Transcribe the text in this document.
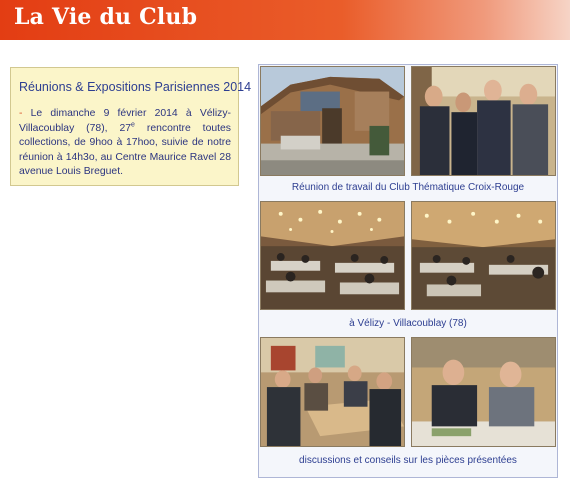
La Vie du Club

Réunions & Expositions Parisiennes 2014

- Le dimanche 9 février 2014 à Vélizy-Villacoublay (78), 27e rencontre toutes collections, de 9hoo à 17hoo, suivie de notre réunion à 14h3o, au Centre Maurice Ravel 28 avenue Louis Breguet.

Réunion de travail du Club Thématique Croix-Rouge
à Vélizy - Villacoublay (78)
discussions et conseils sur les pièces présentées
